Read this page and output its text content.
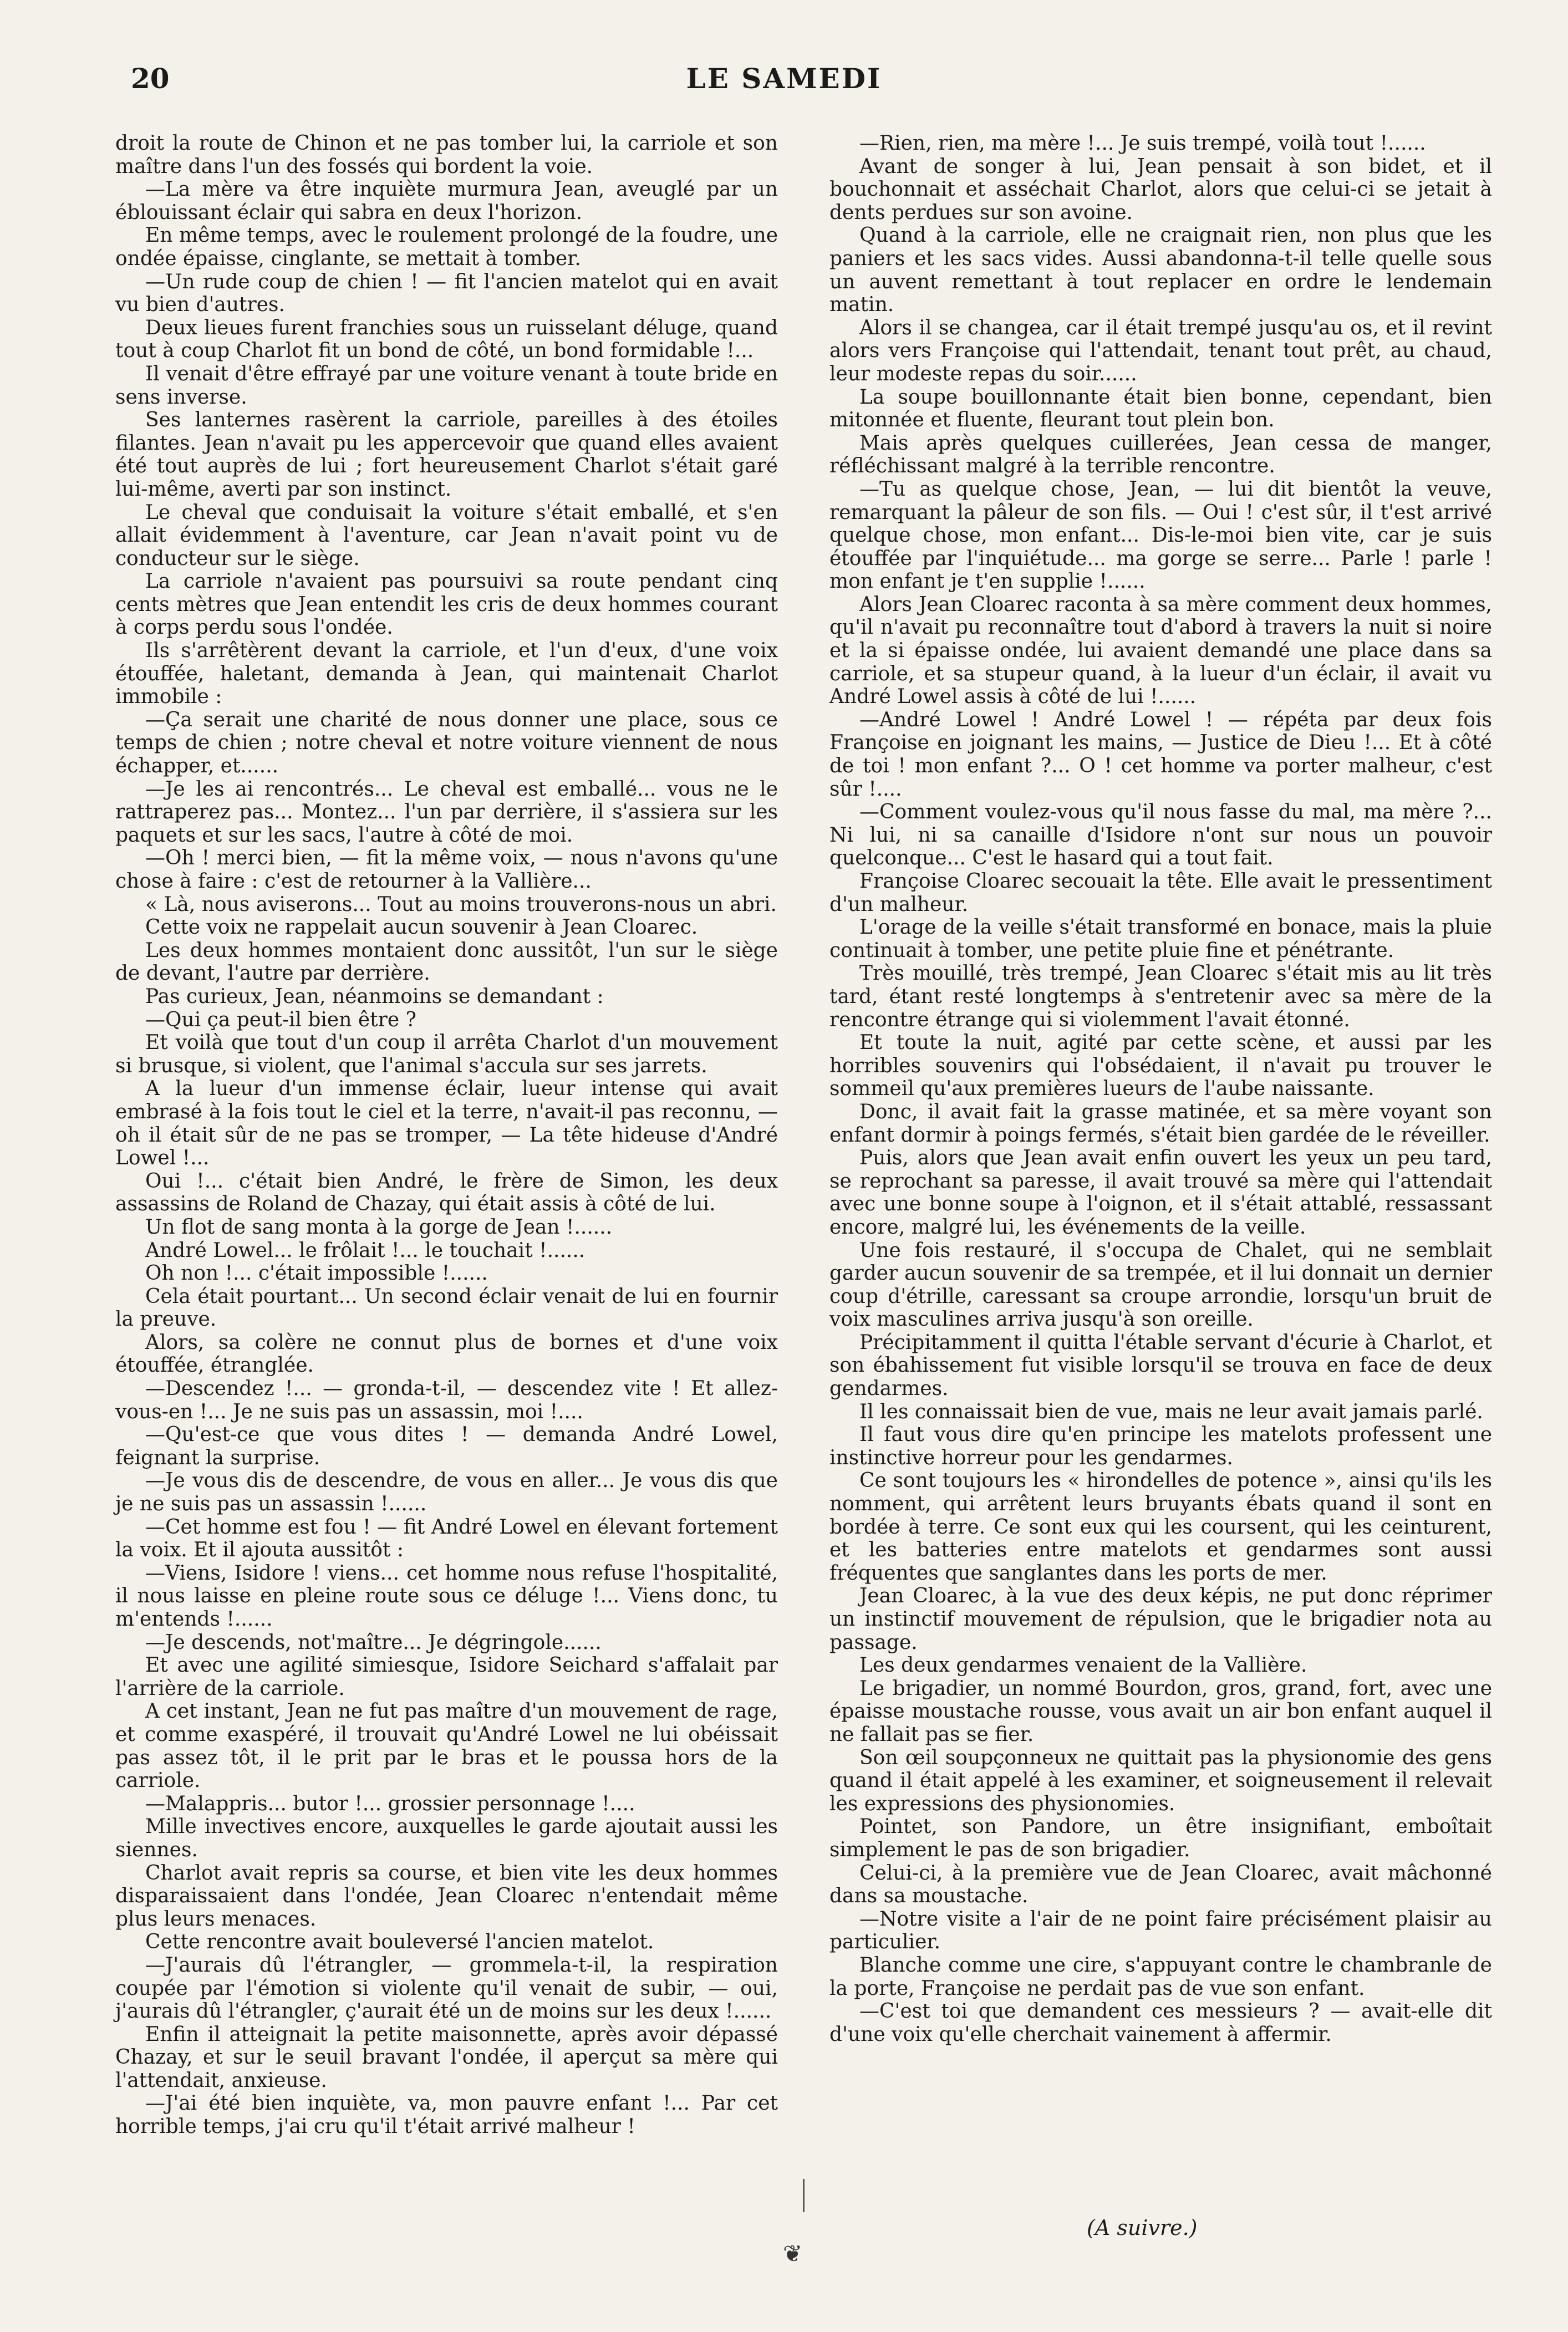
20	LE SAMEDI

droit la route de Chinon et ne pas tomber lui, la carriole et son maître dans l'un des fossés qui bordent la voie.

—La mère va être inquiète murmura Jean, aveuglé par un éblouissant éclair qui sabra en deux l'horizon.

En même temps, avec le roulement prolongé de la foudre, une ondée épaisse, cinglante, se mettait à tomber.

—Un rude coup de chien ! — fit l'ancien matelot qui en avait vu bien d'autres.

Deux lieues furent franchies sous un ruisselant déluge, quand tout à coup Charlot fit un bond de côté, un bond formidable !...

Il venait d'être effrayé par une voiture venant à toute bride en sens inverse.

Ses lanternes rasèrent la carriole, pareilles à des étoiles filantes. Jean n'avait pu les appercevoir que quand elles avaient été tout auprès de lui ; fort heureusement Charlot s'était garé lui-même, averti par son instinct.

Le cheval que conduisait la voiture s'était emballé, et s'en allait évidemment à l'aventure, car Jean n'avait point vu de conducteur sur le siège.

La carriole n'avaient pas poursuivi sa route pendant cinq cents mètres que Jean entendit les cris de deux hommes courant à corps perdu sous l'ondée.

Ils s'arrêtèrent devant la carriole, et l'un d'eux, d'une voix étouffée, haletant, demanda à Jean, qui maintenait Charlot immobile :

—Ça serait une charité de nous donner une place, sous ce temps de chien ; notre cheval et notre voiture viennent de nous échapper, et......

—Je les ai rencontrés... Le cheval est emballé... vous ne le rattraperez pas... Montez... l'un par derrière, il s'assiera sur les paquets et sur les sacs, l'autre à côté de moi.

—Oh ! merci bien, — fit la même voix, — nous n'avons qu'une chose à faire : c'est de retourner à la Vallière...

« Là, nous aviserons... Tout au moins trouverons-nous un abri.

Cette voix ne rappelait aucun souvenir à Jean Cloarec.

Les deux hommes montaient donc aussitôt, l'un sur le siège de devant, l'autre par derrière.

Pas curieux, Jean, néanmoins se demandant :

—Qui ça peut-il bien être ?

Et voilà que tout d'un coup il arrêta Charlot d'un mouvement si brusque, si violent, que l'animal s'accula sur ses jarrets.

A la lueur d'un immense éclair, lueur intense qui avait embrasé à la fois tout le ciel et la terre, n'avait-il pas reconnu, — oh il était sûr de ne pas se tromper, — La tête hideuse d'André Lowel !...

Oui !... c'était bien André, le frère de Simon, les deux assassins de Roland de Chazay, qui était assis à côté de lui.

Un flot de sang monta à la gorge de Jean !......

André Lowel... le frôlait !... le touchait !......

Oh non !... c'était impossible !......

Cela était pourtant... Un second éclair venait de lui en fournir la preuve.

Alors, sa colère ne connut plus de bornes et d'une voix étouffée, étranglée.

—Descendez !... — gronda-t-il, — descendez vite ! Et allez-vous-en !... Je ne suis pas un assassin, moi !....

—Qu'est-ce que vous dites ! — demanda André Lowel, feignant la surprise.

—Je vous dis de descendre, de vous en aller... Je vous dis que je ne suis pas un assassin !......

—Cet homme est fou ! — fit André Lowel en élevant fortement la voix. Et il ajouta aussitôt :

—Viens, Isidore ! viens... cet homme nous refuse l'hospitalité, il nous laisse en pleine route sous ce déluge !... Viens donc, tu m'entends !......

—Je descends, not'maître... Je dégringole......

Et avec une agilité simiesque, Isidore Seichard s'affalait par l'arrière de la carriole.

A cet instant, Jean ne fut pas maître d'un mouvement de rage, et comme exaspéré, il trouvait qu'André Lowel ne lui obéissait pas assez tôt, il le prit par le bras et le poussa hors de la carriole.

—Malappris... butor !... grossier personnage !....

Mille invectives encore, auxquelles le garde ajoutait aussi les siennes.

Charlot avait repris sa course, et bien vite les deux hommes disparaissaient dans l'ondée, Jean Cloarec n'entendait même plus leurs menaces.

Cette rencontre avait bouleversé l'ancien matelot.

—J'aurais dû l'étrangler, — grommela-t-il, la respiration coupée par l'émotion si violente qu'il venait de subir, — oui, j'aurais dû l'étrangler, ç'aurait été un de moins sur les deux !......

Enfin il atteignait la petite maisonnette, après avoir dépassé Chazay, et sur le seuil bravant l'ondée, il aperçut sa mère qui l'attendait, anxieuse.

—J'ai été bien inquiète, va, mon pauvre enfant !... Par cet horrible temps, j'ai cru qu'il t'était arrivé malheur !

—Rien, rien, ma mère !... Je suis trempé, voilà tout !......

Avant de songer à lui, Jean pensait à son bidet, et il bouchonnait et asséchait Charlot, alors que celui-ci se jetait à dents perdues sur son avoine.

Quand à la carriole, elle ne craignait rien, non plus que les paniers et les sacs vides. Aussi abandonna-t-il telle quelle sous un auvent remettant à tout replacer en ordre le lendemain matin.

Alors il se changea, car il était trempé jusqu'au os, et il revint alors vers Françoise qui l'attendait, tenant tout prêt, au chaud, leur modeste repas du soir......

La soupe bouillonnante était bien bonne, cependant, bien mitonnée et fluente, fleurant tout plein bon.

Mais après quelques cuillerées, Jean cessa de manger, réfléchissant malgré à la terrible rencontre.

—Tu as quelque chose, Jean, — lui dit bientôt la veuve, remarquant la pâleur de son fils. — Oui ! c'est sûr, il t'est arrivé quelque chose, mon enfant... Dis-le-moi bien vite, car je suis étouffée par l'inquiétude... ma gorge se serre... Parle ! parle ! mon enfant je t'en supplie !......

Alors Jean Cloarec raconta à sa mère comment deux hommes, qu'il n'avait pu reconnaître tout d'abord à travers la nuit si noire et la si épaisse ondée, lui avaient demandé une place dans sa carriole, et sa stupeur quand, à la lueur d'un éclair, il avait vu André Lowel assis à côté de lui !......

—André Lowel ! André Lowel ! — répéta par deux fois Françoise en joignant les mains, — Justice de Dieu !... Et à côté de toi ! mon enfant ?... O ! cet homme va porter malheur, c'est sûr !....

—Comment voulez-vous qu'il nous fasse du mal, ma mère ?... Ni lui, ni sa canaille d'Isidore n'ont sur nous un pouvoir quelconque... C'est le hasard qui a tout fait.

Françoise Cloarec secouait la tête. Elle avait le pressentiment d'un malheur.

L'orage de la veille s'était transformé en bonace, mais la pluie continuait à tomber, une petite pluie fine et pénétrante.

Très mouillé, très trempé, Jean Cloarec s'était mis au lit très tard, étant resté longtemps à s'entretenir avec sa mère de la rencontre étrange qui si violemment l'avait étonné.

Et toute la nuit, agité par cette scène, et aussi par les horribles souvenirs qui l'obsédaient, il n'avait pu trouver le sommeil qu'aux premières lueurs de l'aube naissante.

Donc, il avait fait la grasse matinée, et sa mère voyant son enfant dormir à poings fermés, s'était bien gardée de le réveiller.

Puis, alors que Jean avait enfin ouvert les yeux un peu tard, se reprochant sa paresse, il avait trouvé sa mère qui l'attendait avec une bonne soupe à l'oignon, et il s'était attablé, ressassant encore, malgré lui, les événements de la veille.

Une fois restauré, il s'occupa de Chalet, qui ne semblait garder aucun souvenir de sa trempée, et il lui donnait un dernier coup d'étrille, caressant sa croupe arrondie, lorsqu'un bruit de voix masculines arriva jusqu'à son oreille.

Précipitamment il quitta l'étable servant d'écurie à Charlot, et son ébahissement fut visible lorsqu'il se trouva en face de deux gendarmes.

Il les connaissait bien de vue, mais ne leur avait jamais parlé.

Il faut vous dire qu'en principe les matelots professent une instinctive horreur pour les gendarmes.

Ce sont toujours les « hirondelles de potence », ainsi qu'ils les nomment, qui arrêtent leurs bruyants ébats quand il sont en bordée à terre. Ce sont eux qui les coursent, qui les ceinturent, et les batteries entre matelots et gendarmes sont aussi fréquentes que sanglantes dans les ports de mer.

Jean Cloarec, à la vue des deux képis, ne put donc réprimer un instinctif mouvement de répulsion, que le brigadier nota au passage.

Les deux gendarmes venaient de la Vallière.

Le brigadier, un nommé Bourdon, gros, grand, fort, avec une épaisse moustache rousse, vous avait un air bon enfant auquel il ne fallait pas se fier.

Son œil soupçonneux ne quittait pas la physionomie des gens quand il était appelé à les examiner, et soigneusement il relevait les expressions des physionomies.

Pointet, son Pandore, un être insignifiant, emboîtait simplement le pas de son brigadier.

Celui-ci, à la première vue de Jean Cloarec, avait mâchonné dans sa moustache.

—Notre visite a l'air de ne point faire précisément plaisir au particulier.

Blanche comme une cire, s'appuyant contre le chambranle de la porte, Françoise ne perdait pas de vue son enfant.

—C'est toi que demandent ces messieurs ? — avait-elle dit d'une voix qu'elle cherchait vainement à affermir.

(A suivre.)
❦
